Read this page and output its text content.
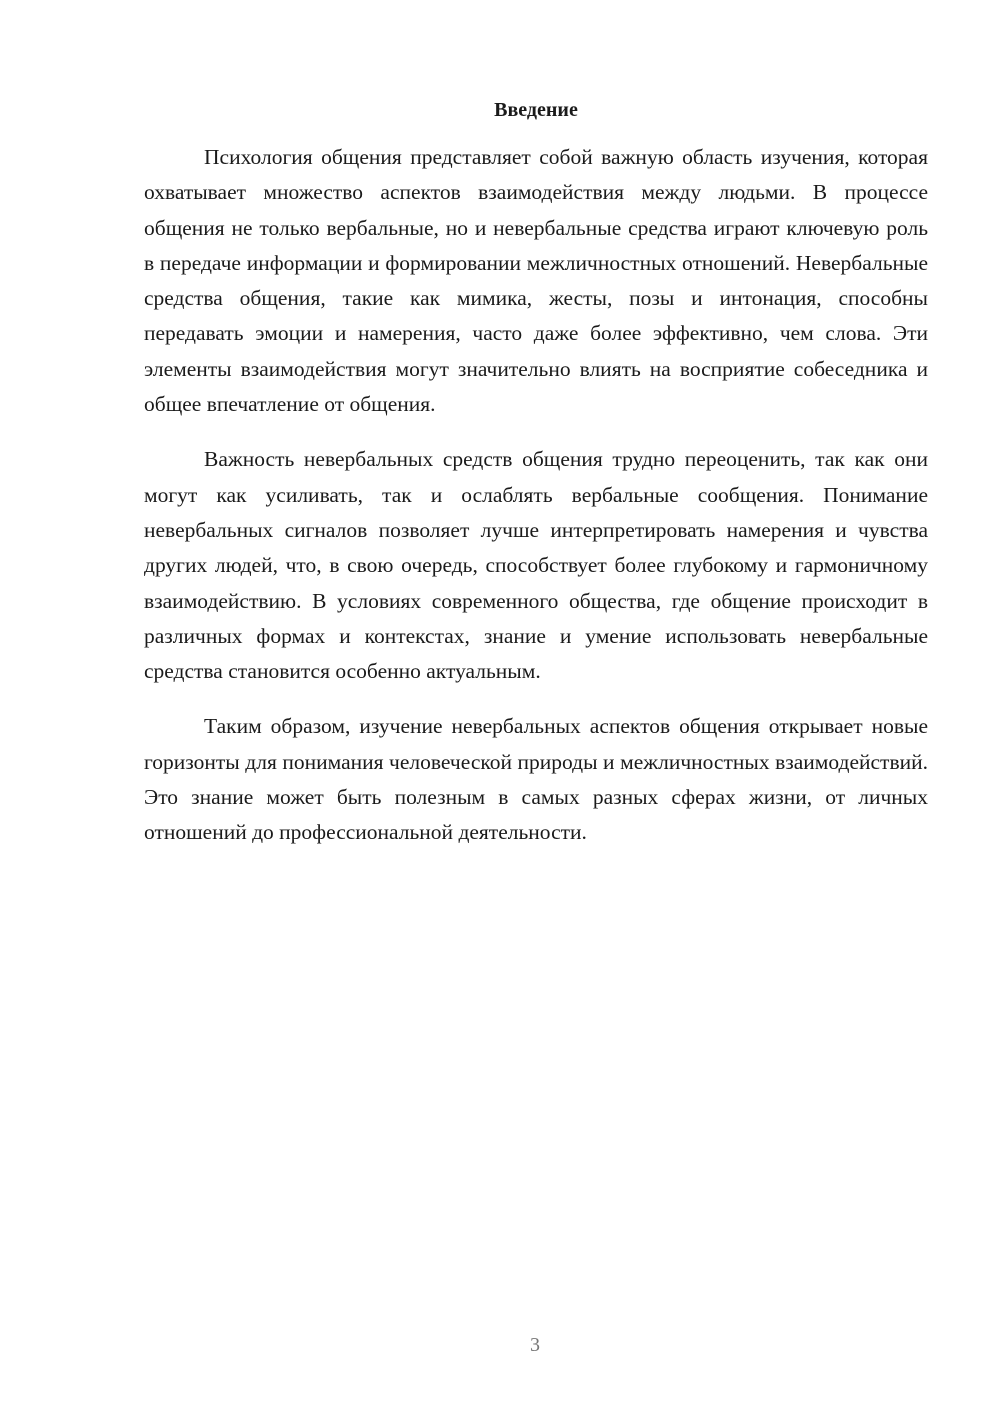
Введение

Психология общения представляет собой важную область изучения, которая охватывает множество аспектов взаимодействия между людьми. В процессе общения не только вербальные, но и невербальные средства играют ключевую роль в передаче информации и формировании межличностных отношений. Невербальные средства общения, такие как мимика, жесты, позы и интонация, способны передавать эмоции и намерения, часто даже более эффективно, чем слова. Эти элементы взаимодействия могут значительно влиять на восприятие собеседника и общее впечатление от общения.

Важность невербальных средств общения трудно переоценить, так как они могут как усиливать, так и ослаблять вербальные сообщения. Понимание невербальных сигналов позволяет лучше интерпретировать намерения и чувства других людей, что, в свою очередь, способствует более глубокому и гармоничному взаимодействию. В условиях современного общества, где общение происходит в различных формах и контекстах, знание и умение использовать невербальные средства становится особенно актуальным.

Таким образом, изучение невербальных аспектов общения открывает новые горизонты для понимания человеческой природы и межличностных взаимодействий. Это знание может быть полезным в самых разных сферах жизни, от личных отношений до профессиональной деятельности.

3
